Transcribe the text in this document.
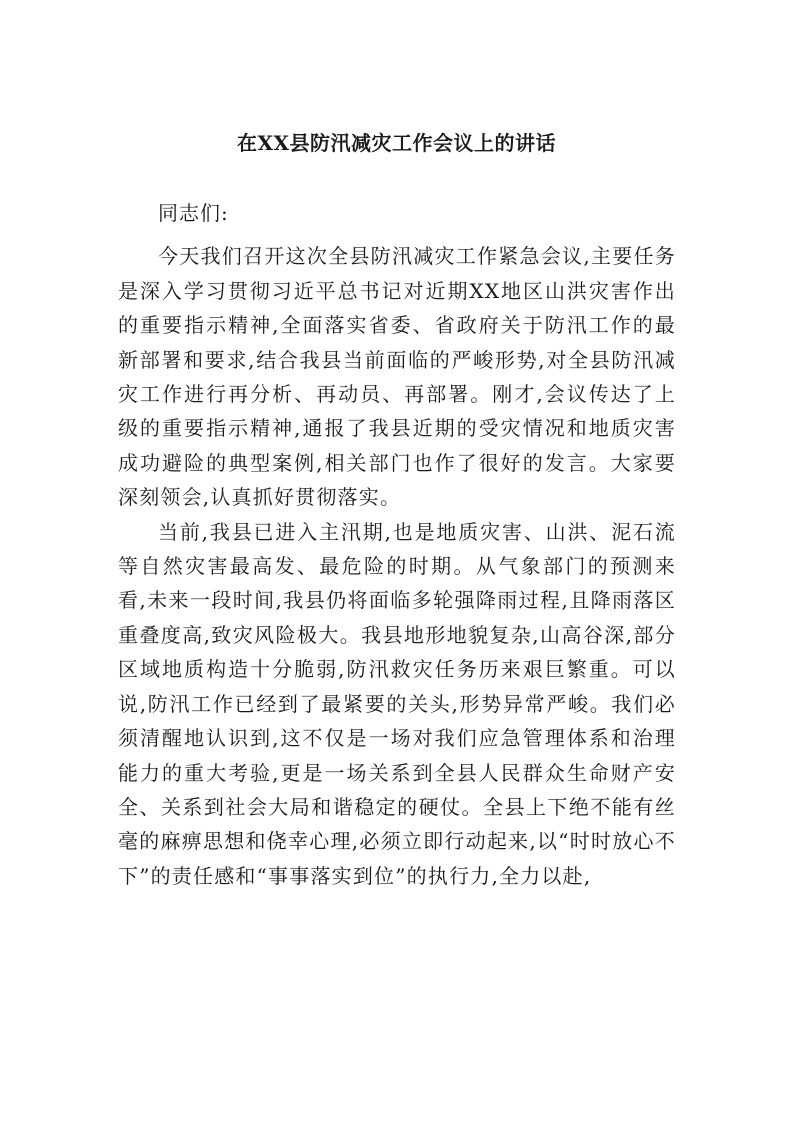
在XX县防汛减灾工作会议上的讲话

同志们:

今天我们召开这次全县防汛减灾工作紧急会议,主要任务是深入学习贯彻习近平总书记对近期XX地区山洪灾害作出的重要指示精神,全面落实省委、省政府关于防汛工作的最新部署和要求,结合我县当前面临的严峻形势,对全县防汛减灾工作进行再分析、再动员、再部署。刚才,会议传达了上级的重要指示精神,通报了我县近期的受灾情况和地质灾害成功避险的典型案例,相关部门也作了很好的发言。大家要深刻领会,认真抓好贯彻落实。

当前,我县已进入主汛期,也是地质灾害、山洪、泥石流等自然灾害最高发、最危险的时期。从气象部门的预测来看,未来一段时间,我县仍将面临多轮强降雨过程,且降雨落区重叠度高,致灾风险极大。我县地形地貌复杂,山高谷深,部分区域地质构造十分脆弱,防汛救灾任务历来艰巨繁重。可以说,防汛工作已经到了最紧要的关头,形势异常严峻。我们必须清醒地认识到,这不仅是一场对我们应急管理体系和治理能力的重大考验,更是一场关系到全县人民群众生命财产安全、关系到社会大局和谐稳定的硬仗。全县上下绝不能有丝毫的麻痹思想和侥幸心理,必须立即行动起来,以“时时放心不下”的责任感和“事事落实到位”的执行力,全力以赴,
